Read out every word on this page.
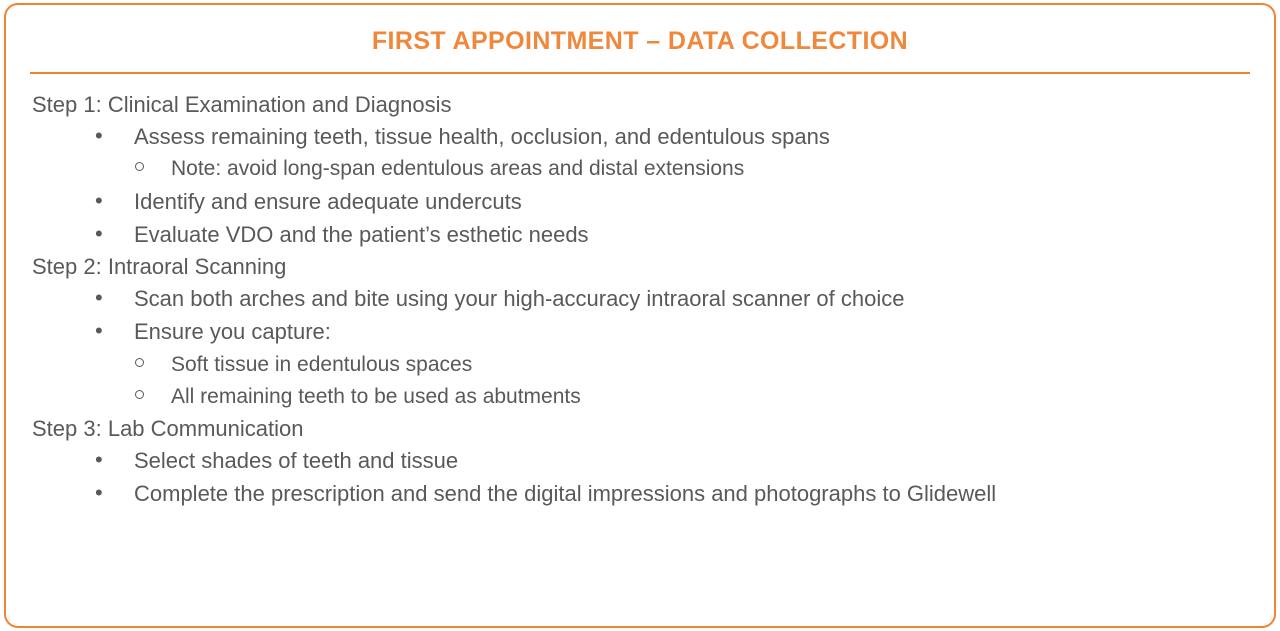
FIRST APPOINTMENT – DATA COLLECTION

Step 1: Clinical Examination and Diagnosis

• Assess remaining teeth, tissue health, occlusion, and edentulous spans
Note: avoid long-span edentulous areas and distal extensions
• Identify and ensure adequate undercuts
• Evaluate VDO and the patient’s esthetic needs

Step 2: Intraoral Scanning

• Scan both arches and bite using your high-accuracy intraoral scanner of choice
• Ensure you capture:
Soft tissue in edentulous spaces
All remaining teeth to be used as abutments

Step 3: Lab Communication

• Select shades of teeth and tissue
• Complete the prescription and send the digital impressions and photographs to Glidewell
